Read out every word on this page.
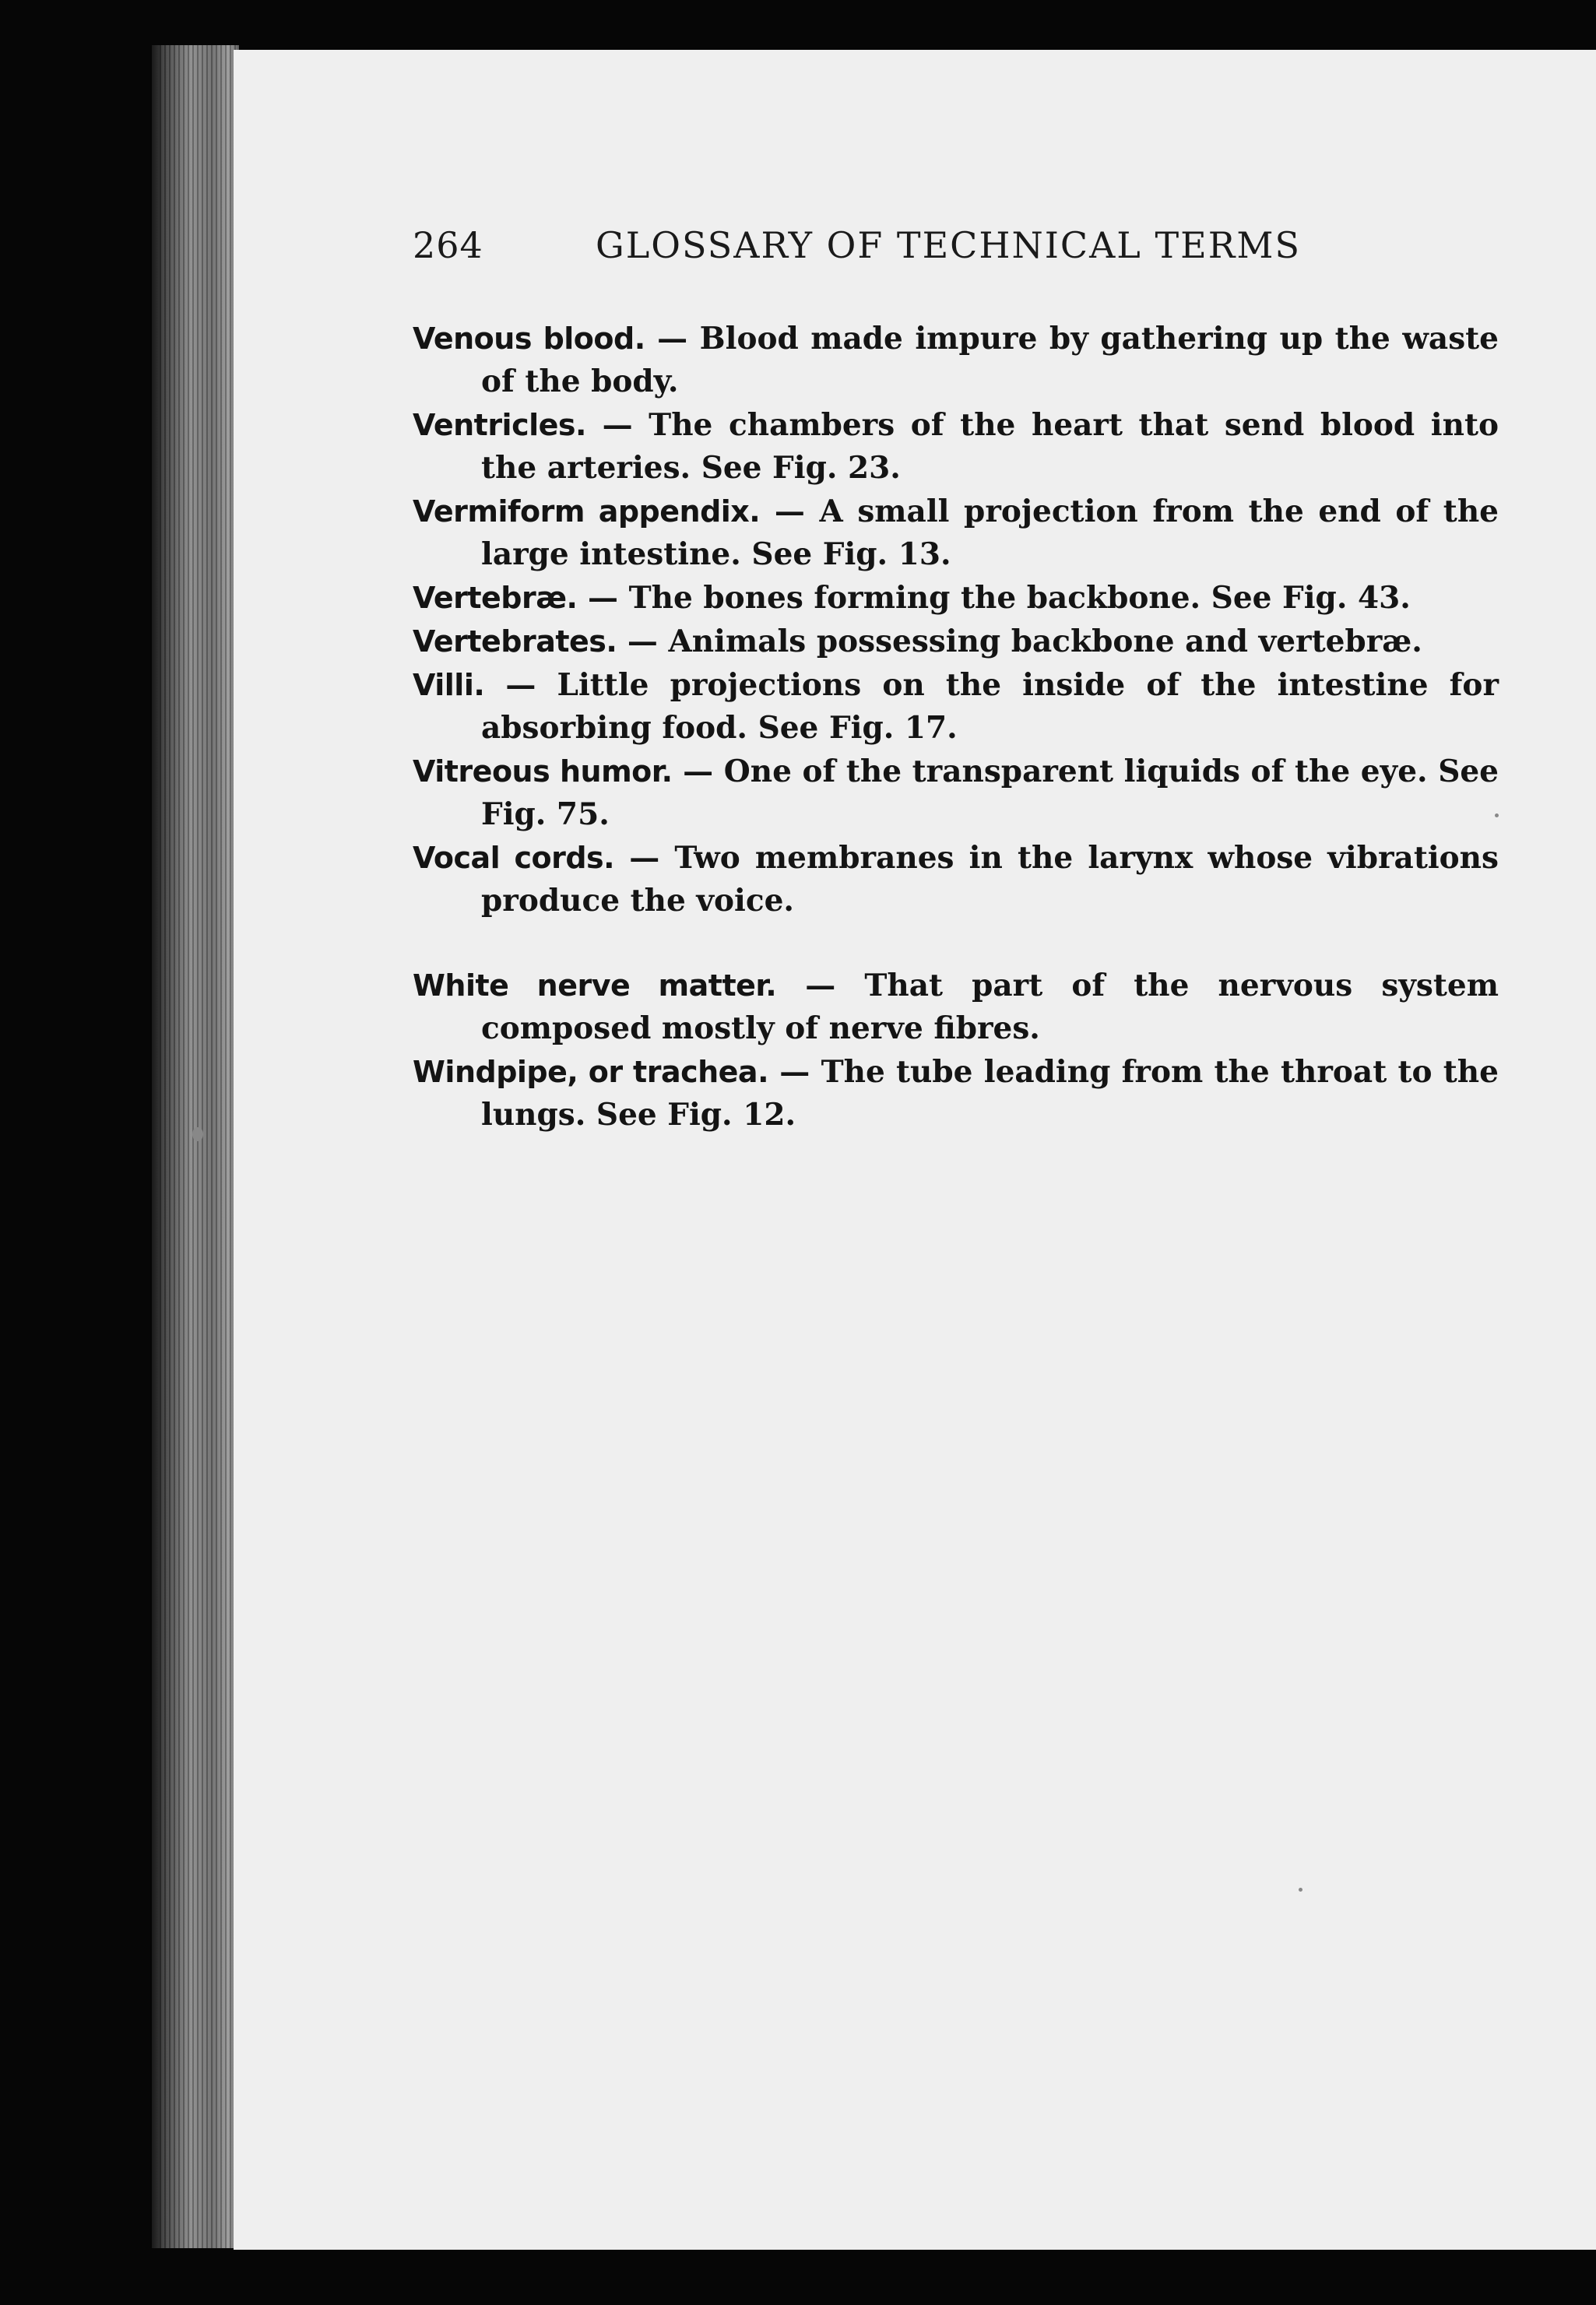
264	GLOSSARY OF TECHNICAL TERMS

Venous blood. — Blood made impure by gathering up the waste of the body.

Ventricles. — The chambers of the heart that send blood into the arteries. See Fig. 23.

Vermiform appendix. — A small projection from the end of the large intestine. See Fig. 13.

Vertebræ. — The bones forming the backbone. See Fig. 43.

Vertebrates. — Animals possessing backbone and vertebræ.

Villi. — Little projections on the inside of the intestine for absorbing food. See Fig. 17.

Vitreous humor. — One of the transparent liquids of the eye. See Fig. 75.

Vocal cords. — Two membranes in the larynx whose vibrations produce the voice.

White nerve matter. — That part of the nervous system composed mostly of nerve fibres.

Windpipe, or trachea. — The tube leading from the throat to the lungs. See Fig. 12.
